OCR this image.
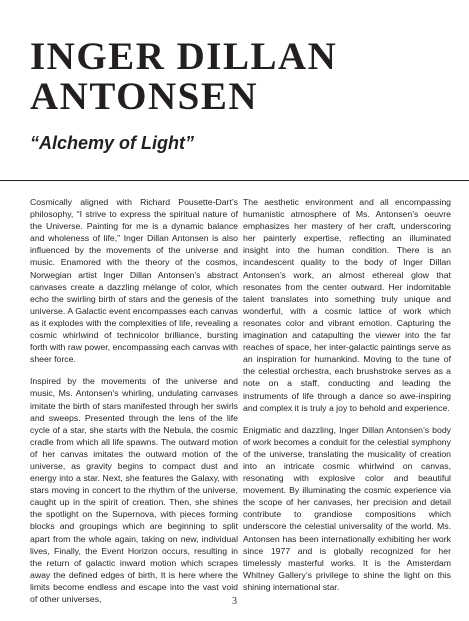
INGER DILLAN ANTONSEN
“Alchemy of Light”

Cosmically aligned with Richard Pousette-Dart’s philosophy, “I strive to express the spiritual nature of the Universe. Painting for me is a dynamic balance and wholeness of life,” Inger Dillan Antonsen is also influenced by the movements of the universe and music. Enamored with the theory of the cosmos, Norwegian artist Inger Dillan Antonsen’s abstract canvases create a dazzling mélange of color, which echo the swirling birth of stars and the genesis of the universe. A Galactic event encompasses each canvas as it explodes with the complexities of life, revealing a cosmic whirlwind of technicolor brilliance, bursting forth with raw power, encompassing each canvas with sheer force.

Inspired by the movements of the universe and music, Ms. Antonsen’s whirling, undulating canvases imitate the birth of stars manifested through her swirls and sweeps. Presented through the lens of the life cycle of a star, she starts with the Nebula, the cosmic cradle from which all life spawns. The outward motion of her canvas imitates the outward motion of the universe, as gravity begins to compact dust and energy into a star. Next, she features the Galaxy, with stars moving in concert to the rhythm of the universe, caught up in the spirit of creation. Then, she shines the spotlight on the Supernova, with pieces forming blocks and groupings which are beginning to split apart from the whole again, taking on new, individual lives, Finally, the Event Horizon occurs, resulting in the return of galactic inward motion which scrapes away the defined edges of birth, It is here where the limits become endless and escape into the vast void of other universes,

The aesthetic environment and all encompassing humanistic atmosphere of Ms. Antonsen’s oeuvre emphasizes her mastery of her craft, underscoring her painterly expertise, reflecting an illuminated insight into the human condition. There is an incandescent quality to the body of Inger Dillan Antonsen’s work, an almost ethereal glow that resonates from the center outward. Her indomitable talent translates into something truly unique and wonderful, with a cosmic lattice of work which resonates color and vibrant emotion. Capturing the imagination and catapulting the viewer into the far reaches of space, her inter-galactic paintings serve as an inspiration for humankind. Moving to the tune of the celestial orchestra, each brushstroke serves as a note on a staff, conducting and leading the instruments of life through a dance so awe-inspiring and complex it is truly a joy to behold and experience.

Enigmatic and dazzling, Inger Dillan Antonsen’s body of work becomes a conduit for the celestial symphony of the universe, translating the musicality of creation into an intricate cosmic whirlwind on canvas, resonating with explosive color and beautiful movement. By illuminating the cosmic experience via the scope of her canvases, her precision and detail contribute to grandiose compositions which underscore the celestial universality of the world. Ms. Antonsen has been internationally exhibiting her work since 1977 and is globally recognized for her timelessly masterful works. It is the Amsterdam Whitney Gallery’s privilege to shine the light on this shining international star.

3
